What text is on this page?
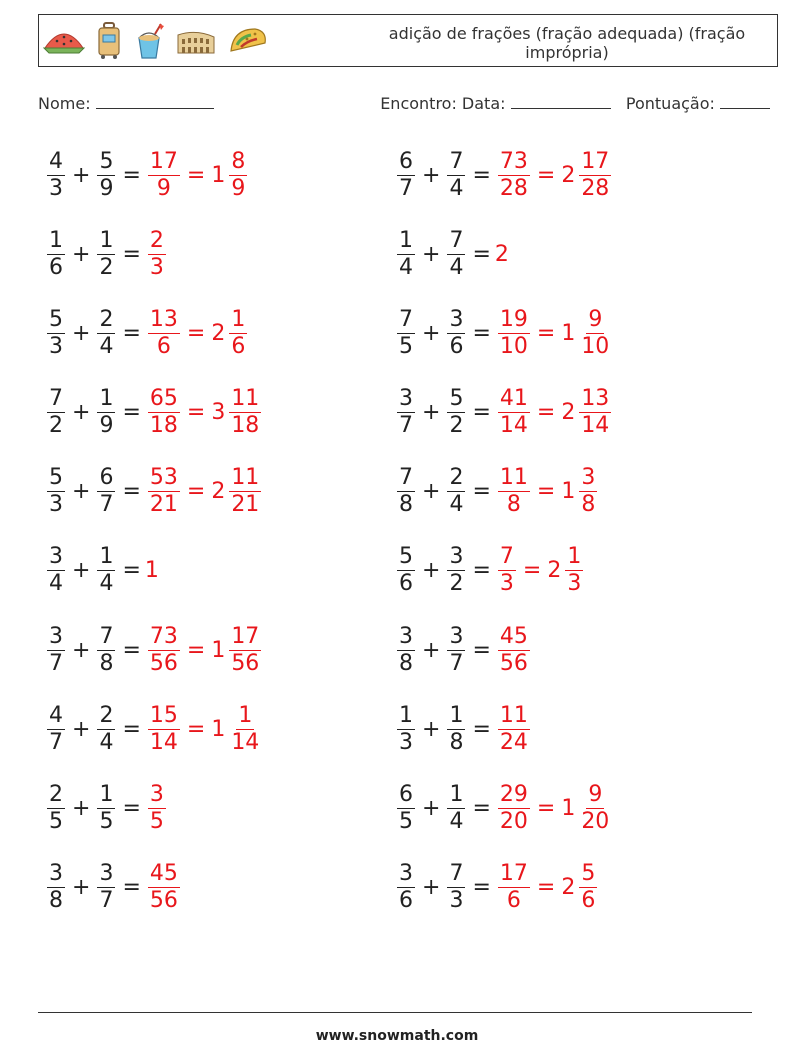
adição de frações (fração adequada) (fração imprópria)
Nome:	Encontro: Data:	Pontuação:
$\frac{4}{3} + \frac{5}{9} = \frac{17}{9} = 1 \frac{8}{9}$	$\frac{6}{7} + \frac{7}{4} = \frac{73}{28} = 2 \frac{17}{28}$
$\frac{1}{6} + \frac{1}{2} = \frac{2}{3}$	$\frac{1}{4} + \frac{7}{4} = 2$
$\frac{5}{3} + \frac{2}{4} = \frac{13}{6} = 2 \frac{1}{6}$	$\frac{7}{5} + \frac{3}{6} = \frac{19}{10} = 1 \frac{9}{10}$
$\frac{7}{2} + \frac{1}{9} = \frac{65}{18} = 3 \frac{11}{18}$	$\frac{3}{7} + \frac{5}{2} = \frac{41}{14} = 2 \frac{13}{14}$
$\frac{5}{3} + \frac{6}{7} = \frac{53}{21} = 2 \frac{11}{21}$	$\frac{7}{8} + \frac{2}{4} = \frac{11}{8} = 1 \frac{3}{8}$
$\frac{3}{4} + \frac{1}{4} = 1$	$\frac{5}{6} + \frac{3}{2} = \frac{7}{3} = 2 \frac{1}{3}$
$\frac{3}{7} + \frac{7}{8} = \frac{73}{56} = 1 \frac{17}{56}$	$\frac{3}{8} + \frac{3}{7} = \frac{45}{56}$
$\frac{4}{7} + \frac{2}{4} = \frac{15}{14} = 1 \frac{1}{14}$	$\frac{1}{3} + \frac{1}{8} = \frac{11}{24}$
$\frac{2}{5} + \frac{1}{5} = \frac{3}{5}$	$\frac{6}{5} + \frac{1}{4} = \frac{29}{20} = 1 \frac{9}{20}$
$\frac{3}{8} + \frac{3}{7} = \frac{45}{56}$	$\frac{3}{6} + \frac{7}{3} = \frac{17}{6} = 2 \frac{5}{6}$
www.snowmath.com
